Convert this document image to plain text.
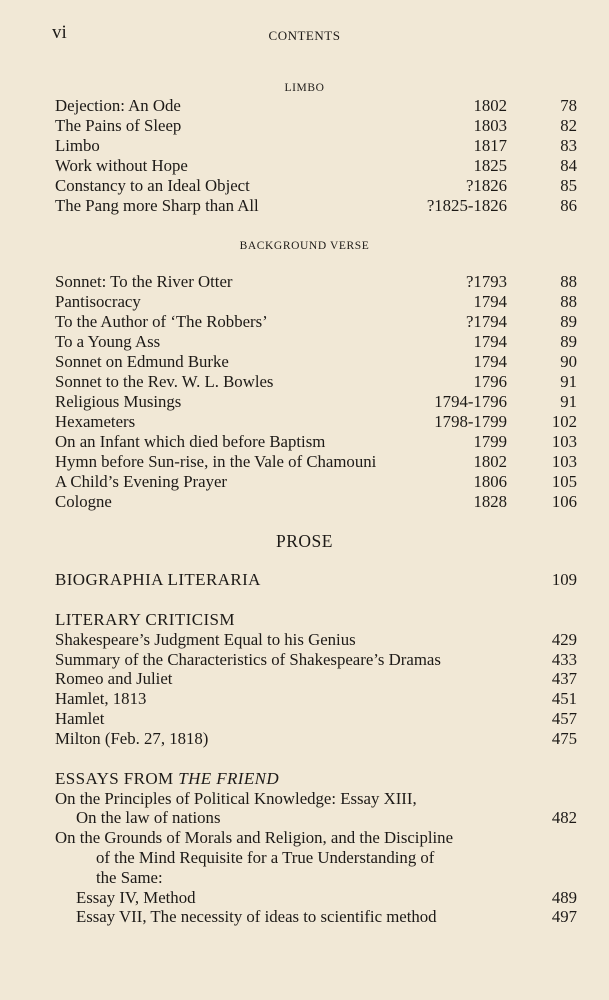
vi	CONTENTS
LIMBO
Dejection: An Ode	1802	78
The Pains of Sleep	1803	82
Limbo	1817	83
Work without Hope	1825	84
Constancy to an Ideal Object	?1826	85
The Pang more Sharp than All	?1825-1826	86
BACKGROUND VERSE
Sonnet: To the River Otter	?1793	88
Pantisocracy	1794	88
To the Author of ‘The Robbers’	?1794	89
To a Young Ass	1794	89
Sonnet on Edmund Burke	1794	90
Sonnet to the Rev. W. L. Bowles	1796	91
Religious Musings	1794-1796	91
Hexameters	1798-1799	102
On an Infant which died before Baptism	1799	103
Hymn before Sun-rise, in the Vale of Chamouni	1802	103
A Child’s Evening Prayer	1806	105
Cologne	1828	106
PROSE
BIOGRAPHIA LITERARIA	109
LITERARY CRITICISM
Shakespeare’s Judgment Equal to his Genius	429
Summary of the Characteristics of Shakespeare’s Dramas	433
Romeo and Juliet	437
Hamlet, 1813	451
Hamlet	457
Milton (Feb. 27, 1818)	475
ESSAYS FROM THE FRIEND
On the Principles of Political Knowledge: Essay XIII,
On the law of nations	482
On the Grounds of Morals and Religion, and the Discipline
of the Mind Requisite for a True Understanding of
the Same:
Essay IV, Method	489
Essay VII, The necessity of ideas to scientific method	497
